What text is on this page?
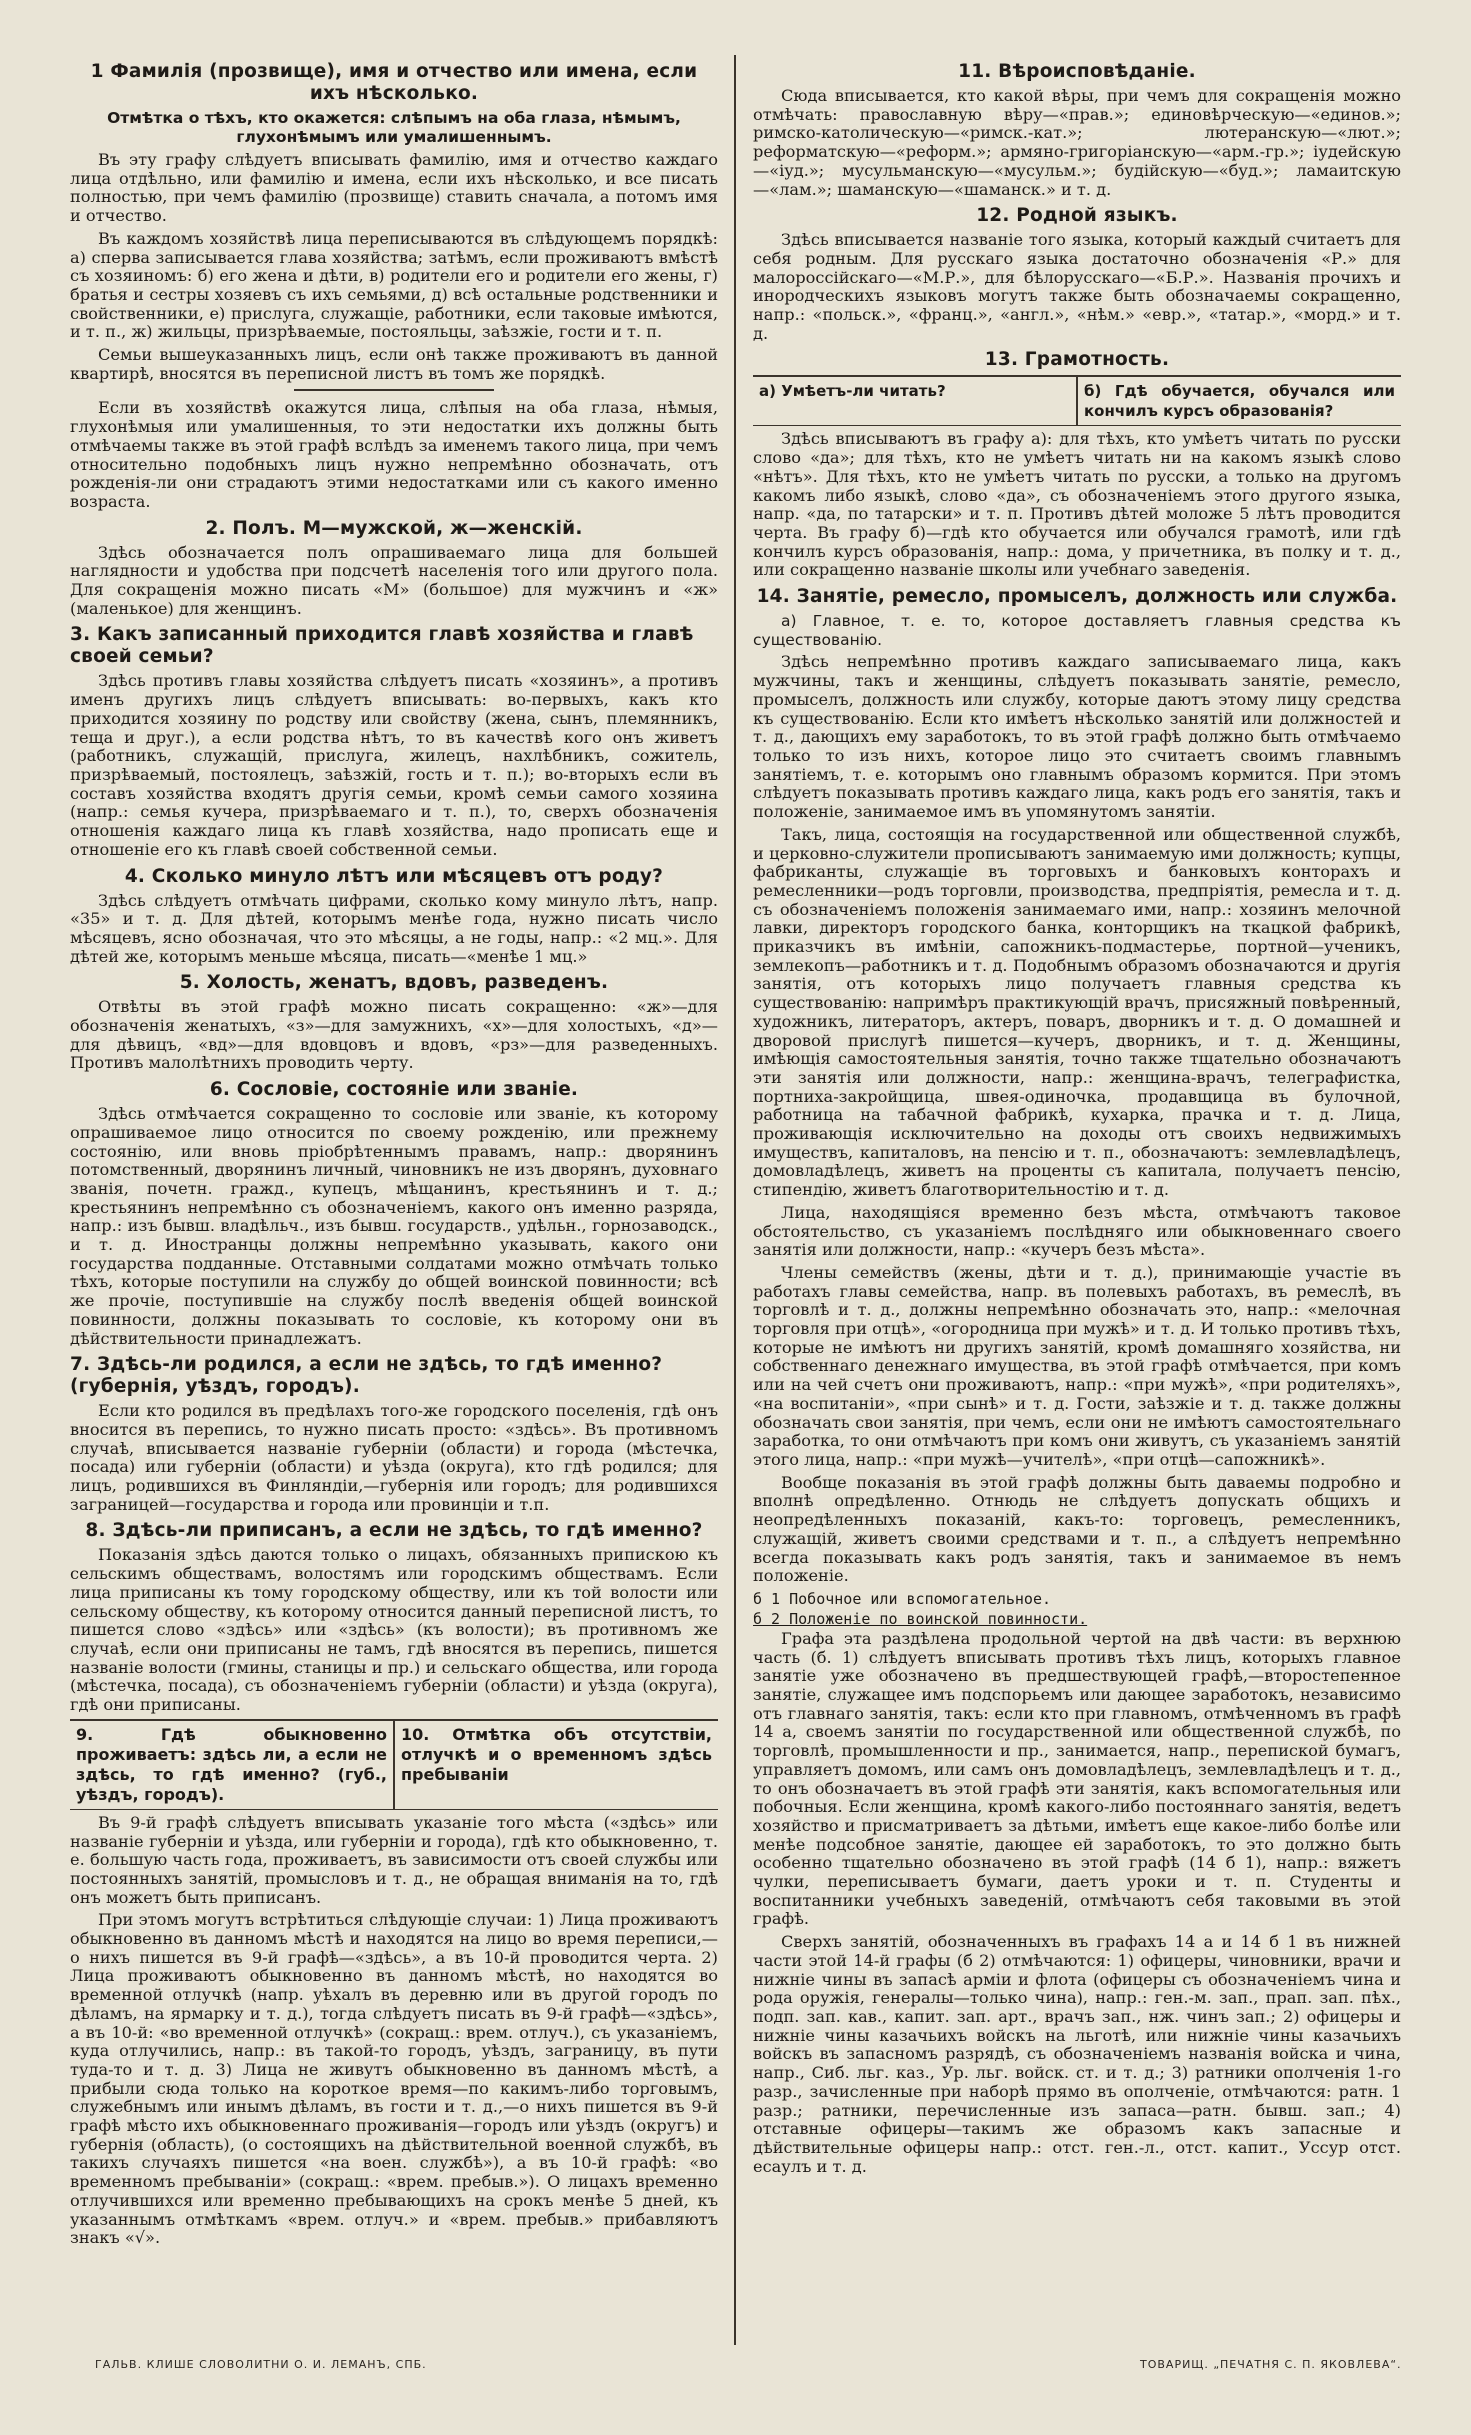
1 Фамилія (прозвище), имя и отчество или имена, если ихъ нѣсколько.
Отмѣтка о тѣхъ, кто окажется: слѣпымъ на оба глаза, нѣмымъ, глухонѣмымъ или умалишеннымъ.

Въ эту графу слѣдуетъ вписывать фамилію, имя и отчество каждаго лица отдѣльно, или фамилію и имена, если ихъ нѣсколько, и все писать полностью, при чемъ фамилію (прозвище) ставить сначала, а потомъ имя и отчество.

Въ каждомъ хозяйствѣ лица переписываются въ слѣдующемъ порядкѣ: а) сперва записывается глава хозяйства; затѣмъ, если проживаютъ вмѣстѣ съ хозяиномъ: б) его жена и дѣти, в) родители его и родители его жены, г) братья и сестры хозяевъ съ ихъ семьями, д) всѣ остальные родственники и свойственники, е) прислуга, служащіе, работники, если таковые имѣются, и т. п., ж) жильцы, призрѣваемые, постояльцы, заѣзжіе, гости и т. п.

Семьи вышеуказанныхъ лицъ, если онѣ также проживаютъ въ данной квартирѣ, вносятся въ переписной листъ въ томъ же порядкѣ.

Если въ хозяйствѣ окажутся лица, слѣпыя на оба глаза, нѣмыя, глухонѣмыя или умалишенныя, то эти недостатки ихъ должны быть отмѣчаемы также въ этой графѣ вслѣдъ за именемъ такого лица, при чемъ относительно подобныхъ лицъ нужно непремѣнно обозначать, отъ рожденія-ли они страдаютъ этими недостатками или съ какого именно возраста.

2. Полъ. М—мужской, ж—женскій.

Здѣсь обозначается полъ опрашиваемаго лица для большей наглядности и удобства при подсчетѣ населенія того или другого пола. Для сокращенія можно писать «М» (большое) для мужчинъ и «ж» (маленькое) для женщинъ.

3. Какъ записанный приходится главѣ хозяйства и главѣ своей семьи?

Здѣсь противъ главы хозяйства слѣдуетъ писать «хозяинъ», а противъ именъ другихъ лицъ слѣдуетъ вписывать: во-первыхъ, какъ кто приходится хозяину по родству или свойству (жена, сынъ, племянникъ, теща и друг.), а если родства нѣтъ, то въ качествѣ кого онъ живетъ (работникъ, служащій, прислуга, жилецъ, нахлѣбникъ, сожитель, призрѣваемый, постоялецъ, заѣзжій, гость и т. п.); во-вторыхъ если въ составъ хозяйства входятъ другія семьи, кромѣ семьи самого хозяина (напр.: семья кучера, призрѣваемаго и т. п.), то, сверхъ обозначенія отношенія каждаго лица къ главѣ хозяйства, надо прописать еще и отношеніе его къ главѣ своей собственной семьи.

4. Сколько минуло лѣтъ или мѣсяцевъ отъ роду?

Здѣсь слѣдуетъ отмѣчать цифрами, сколько кому минуло лѣтъ, напр. «35» и т. д. Для дѣтей, которымъ менѣе года, нужно писать число мѣсяцевъ, ясно обозначая, что это мѣсяцы, а не годы, напр.: «2 мц.». Для дѣтей же, которымъ меньше мѣсяца, писать—«менѣе 1 мц.»

5. Холость, женатъ, вдовъ, разведенъ.

Отвѣты въ этой графѣ можно писать сокращенно: «ж»—для обозначенія женатыхъ, «з»—для замужнихъ, «х»—для холостыхъ, «д»—для дѣвицъ, «вд»—для вдовцовъ и вдовъ, «рз»—для разведенныхъ. Противъ малолѣтнихъ проводить черту.

6. Сословіе, состояніе или званіе.

Здѣсь отмѣчается сокращенно то сословіе или званіе, къ которому опрашиваемое лицо относится по своему рожденію, или прежнему состоянію, или вновь пріобрѣтеннымъ правамъ, напр.: дворянинъ потомственный, дворянинъ личный, чиновникъ не изъ дворянъ, духовнаго званія, почетн. гражд., купецъ, мѣщанинъ, крестьянинъ и т. д.; крестьянинъ непремѣнно съ обозначеніемъ, какого онъ именно разряда, напр.: изъ бывш. владѣльч., изъ бывш. государств., удѣльн., горнозаводск., и т. д. Иностранцы должны непремѣнно указывать, какого они государства подданные. Отставными солдатами можно отмѣчать только тѣхъ, которые поступили на службу до общей воинской повинности; всѣ же прочіе, поступившіе на службу послѣ введенія общей воинской повинности, должны показывать то сословіе, къ которому они въ дѣйствительности принадлежатъ.

7. Здѣсь-ли родился, а если не здѣсь, то гдѣ именно? (губернія, уѣздъ, городъ).

Если кто родился въ предѣлахъ того-же городского поселенія, гдѣ онъ вносится въ перепись, то нужно писать просто: «здѣсь». Въ противномъ случаѣ, вписывается названіе губерніи (области) и города (мѣстечка, посада) или губерніи (области) и уѣзда (округа), кто гдѣ родился; для лицъ, родившихся въ Финляндіи,—губернія или городъ; для родившихся заграницей—государства и города или провинціи и т.п.

8. Здѣсь-ли приписанъ, а если не здѣсь, то гдѣ именно?

Показанія здѣсь даются только о лицахъ, обязанныхъ припискою къ сельскимъ обществамъ, волостямъ или городскимъ обществамъ. Если лица приписаны къ тому городскому обществу, или къ той волости или сельскому обществу, къ которому относится данный переписной листъ, то пишется слово «здѣсь» или «здѣсь» (къ волости); въ противномъ же случаѣ, если они приписаны не тамъ, гдѣ вносятся въ перепись, пишется названіе волости (гмины, станицы и пр.) и сельскаго общества, или города (мѣстечка, посада), съ обозначеніемъ губерніи (области) и уѣзда (округа), гдѣ они приписаны.

9. Гдѣ обыкновенно проживаетъ: здѣсь ли, а если не здѣсь, то гдѣ именно? (губ., уѣздъ, городъ).
10. Отмѣтка объ отсутствіи, отлучкѣ и о временномъ здѣсь пребываніи

Въ 9-й графѣ слѣдуетъ вписывать указаніе того мѣста («здѣсь» или названіе губерніи и уѣзда, или губерніи и города), гдѣ кто обыкновенно, т. е. большую часть года, проживаетъ, въ зависимости отъ своей службы или постоянныхъ занятій, промысловъ и т. д., не обращая вниманія на то, гдѣ онъ можетъ быть приписанъ.

При этомъ могутъ встрѣтиться слѣдующіе случаи: 1) Лица проживаютъ обыкновенно въ данномъ мѣстѣ и находятся на лицо во время переписи,—о нихъ пишется въ 9-й графѣ—«здѣсь», а въ 10-й проводится черта. 2) Лица проживаютъ обыкновенно въ данномъ мѣстѣ, но находятся во временной отлучкѣ (напр. уѣхалъ въ деревню или въ другой городъ по дѣламъ, на ярмарку и т. д.), тогда слѣдуетъ писать въ 9-й графѣ—«здѣсь», а въ 10-й: «во временной отлучкѣ» (сокращ.: врем. отлуч.), съ указаніемъ, куда отлучились, напр.: въ такой-то городъ, уѣздъ, заграницу, въ пути туда-то и т. д. 3) Лица не живутъ обыкновенно въ данномъ мѣстѣ, а прибыли сюда только на короткое время—по какимъ-либо торговымъ, служебнымъ или инымъ дѣламъ, въ гости и т. д.,—о нихъ пишется въ 9-й графѣ мѣсто ихъ обыкновеннаго проживанія—городъ или уѣздъ (округъ) и губернія (область), (о состоящихъ на дѣйствительной военной службѣ, въ такихъ случаяхъ пишется «на воен. службѣ»), а въ 10-й графѣ: «во временномъ пребываніи» (сокращ.: «врем. пребыв.»). О лицахъ временно отлучившихся или временно пребывающихъ на срокъ менѣе 5 дней, къ указаннымъ отмѣткамъ «врем. отлуч.» и «врем. пребыв.» прибавляютъ знакъ «√».

11. Вѣроисповѣданіе.

Сюда вписывается, кто какой вѣры, при чемъ для сокращенія можно отмѣчать: православную вѣру—«прав.»; единовѣрческую—«единов.»; римско-католическую—«римск.-кат.»; лютеранскую—«лют.»; реформатскую—«реформ.»; армяно-григоріанскую—«арм.-гр.»; іудейскую—«іуд.»; мусульманскую—«мусульм.»; будійскую—«буд.»; ламаитскую—«лам.»; шаманскую—«шаманск.» и т. д.

12. Родной языкъ.

Здѣсь вписывается названіе того языка, который каждый считаетъ для себя родным. Для русскаго языка достаточно обозначенія «Р.» для малороссійскаго—«М.Р.», для бѣлорусскаго—«Б.Р.». Названія прочихъ и инородческихъ языковъ могутъ также быть обозначаемы сокращенно, напр.: «польск.», «франц.», «англ.», «нѣм.» «евр.», «татар.», «морд.» и т. д.

13. Грамотность.
а) Умѣетъ-ли читать?	б) Гдѣ обучается, обучался или кончилъ курсъ образованія?

Здѣсь вписываютъ въ графу а): для тѣхъ, кто умѣетъ читать по русски слово «да»; для тѣхъ, кто не умѣетъ читать ни на какомъ языкѣ слово «нѣтъ». Для тѣхъ, кто не умѣетъ читать по русски, а только на другомъ какомъ либо языкѣ, слово «да», съ обозначеніемъ этого другого языка, напр. «да, по татарски» и т. п. Противъ дѣтей моложе 5 лѣтъ проводится черта. Въ графу б)—гдѣ кто обучается или обучался грамотѣ, или гдѣ кончилъ курсъ образованія, напр.: дома, у причетника, въ полку и т. д., или сокращенно названіе школы или учебнаго заведенія.

14. Занятіе, ремесло, промыселъ, должность или служба.

а) Главное, т. е. то, которое доставляетъ главныя средства къ существованію.

Здѣсь непремѣнно противъ каждаго записываемаго лица, какъ мужчины, такъ и женщины, слѣдуетъ показывать занятіе, ремесло, промыселъ, должность или службу, которые даютъ этому лицу средства къ существованію. Если кто имѣетъ нѣсколько занятій или должностей и т. д., дающихъ ему заработокъ, то въ этой графѣ должно быть отмѣчаемо только то изъ нихъ, которое лицо это считаетъ своимъ главнымъ занятіемъ, т. е. которымъ оно главнымъ образомъ кормится. При этомъ слѣдуетъ показывать противъ каждаго лица, какъ родъ его занятія, такъ и положеніе, занимаемое имъ въ упомянутомъ занятіи.

Такъ, лица, состоящія на государственной или общественной службѣ, и церковно-служители прописываютъ занимаемую ими должность; купцы, фабриканты, служащіе въ торговыхъ и банковыхъ конторахъ и ремесленники—родъ торговли, производства, предпріятія, ремесла и т. д. съ обозначеніемъ положенія занимаемаго ими, напр.: хозяинъ мелочной лавки, директоръ городского банка, конторщикъ на ткацкой фабрикѣ, приказчикъ въ имѣніи, сапожникъ-подмастерье, портной—ученикъ, землекопъ—работникъ и т. д. Подобнымъ образомъ обозначаются и другія занятія, отъ которыхъ лицо получаетъ главныя средства къ существованію: напримѣръ практикующій врачъ, присяжный повѣренный, художникъ, литераторъ, актеръ, поваръ, дворникъ и т. д. О домашней и дворовой прислугѣ пишется—кучеръ, дворникъ, и т. д. Женщины, имѣющія самостоятельныя занятія, точно также тщательно обозначаютъ эти занятія или должности, напр.: женщина-врачъ, телеграфистка, портниха-закройщица, швея-одиночка, продавщица въ булочной, работница на табачной фабрикѣ, кухарка, прачка и т. д. Лица, проживающія исключительно на доходы отъ своихъ недвижимыхъ имуществъ, капиталовъ, на пенсію и т. п., обозначаютъ: землевладѣлецъ, домовладѣлецъ, живетъ на проценты съ капитала, получаетъ пенсію, стипендію, живетъ благотворительностію и т. д.

Лица, находящіяся временно безъ мѣста, отмѣчаютъ таковое обстоятельство, съ указаніемъ послѣдняго или обыкновеннаго своего занятія или должности, напр.: «кучеръ безъ мѣста».

Члены семействъ (жены, дѣти и т. д.), принимающіе участіе въ работахъ главы семейства, напр. въ полевыхъ работахъ, въ ремеслѣ, въ торговлѣ и т. д., должны непремѣнно обозначать это, напр.: «мелочная торговля при отцѣ», «огородница при мужѣ» и т. д. И только противъ тѣхъ, которые не имѣютъ ни другихъ занятій, кромѣ домашняго хозяйства, ни собственнаго денежнаго имущества, въ этой графѣ отмѣчается, при комъ или на чей счетъ они проживаютъ, напр.: «при мужѣ», «при родителяхъ», «на воспитаніи», «при сынѣ» и т. д. Гости, заѣзжіе и т. д. также должны обозначать свои занятія, при чемъ, если они не имѣютъ самостоятельнаго заработка, то они отмѣчаютъ при комъ они живутъ, съ указаніемъ занятій этого лица, напр.: «при мужѣ—учителѣ», «при отцѣ—сапожникѣ».

Вообще показанія въ этой графѣ должны быть даваемы подробно и вполнѣ опредѣленно. Отнюдь не слѣдуетъ допускать общихъ и неопредѣленныхъ показаній, какъ-то: торговецъ, ремесленникъ, служащій, живетъ своими средствами и т. п., а слѣдуетъ непремѣнно всегда показывать какъ родъ занятія, такъ и занимаемое въ немъ положеніе.

б 1 Побочное или вспомогательное.
б 2 Положеніе по воинской повинности.

Графа эта раздѣлена продольной чертой на двѣ части: въ верхнюю часть (б. 1) слѣдуетъ вписывать противъ тѣхъ лицъ, которыхъ главное занятіе уже обозначено въ предшествующей графѣ,—второстепенное занятіе, служащее имъ подспорьемъ или дающее заработокъ, независимо отъ главнаго занятія, такъ: если кто при главномъ, отмѣченномъ въ графѣ 14 а, своемъ занятіи по государственной или общественной службѣ, по торговлѣ, промышленности и пр., занимается, напр., перепиской бумагъ, управляетъ домомъ, или самъ онъ домовладѣлецъ, землевладѣлецъ и т. д., то онъ обозначаетъ въ этой графѣ эти занятія, какъ вспомогательныя или побочныя. Если женщина, кромѣ какого-либо постояннаго занятія, ведетъ хозяйство и присматриваетъ за дѣтьми, имѣетъ еще какое-либо болѣе или менѣе подсобное занятіе, дающее ей заработокъ, то это должно быть особенно тщательно обозначено въ этой графѣ (14 б 1), напр.: вяжетъ чулки, переписываетъ бумаги, даетъ уроки и т. п. Студенты и воспитанники учебныхъ заведеній, отмѣчаютъ себя таковыми въ этой графѣ.

Сверхъ занятій, обозначенныхъ въ графахъ 14 а и 14 б 1 въ нижней части этой 14-й графы (б 2) отмѣчаются: 1) офицеры, чиновники, врачи и нижніе чины въ запасѣ арміи и флота (офицеры съ обозначеніемъ чина и рода оружія, генералы—только чина), напр.: ген.-м. зап., прап. зап. пѣх., подп. зап. кав., капит. зап. арт., врачъ зап., нж. чинъ зап.; 2) офицеры и нижніе чины казачьихъ войскъ на льготѣ, или нижніе чины казачьихъ войскъ въ запасномъ разрядѣ, съ обозначеніемъ названія войска и чина, напр., Сиб. льг. каз., Ур. льг. войск. ст. и т. д.; 3) ратники ополченія 1-го разр., зачисленные при наборѣ прямо въ ополченіе, отмѣчаются: ратн. 1 разр.; ратники, перечисленные изъ запаса—ратн. бывш. зап.; 4) отставные офицеры—такимъ же образомъ какъ запасные и дѣйствительные офицеры напр.: отст. ген.-л., отст. капит., Уссур отст. есаулъ и т. д.

ГАЛЬВ. КЛИШЕ СЛОВОЛИТНИ О. И. ЛЕМАНЪ, СПБ.	ТОВАРИЩ. „ПЕЧАТНЯ С. П. ЯКОВЛЕВА“.
